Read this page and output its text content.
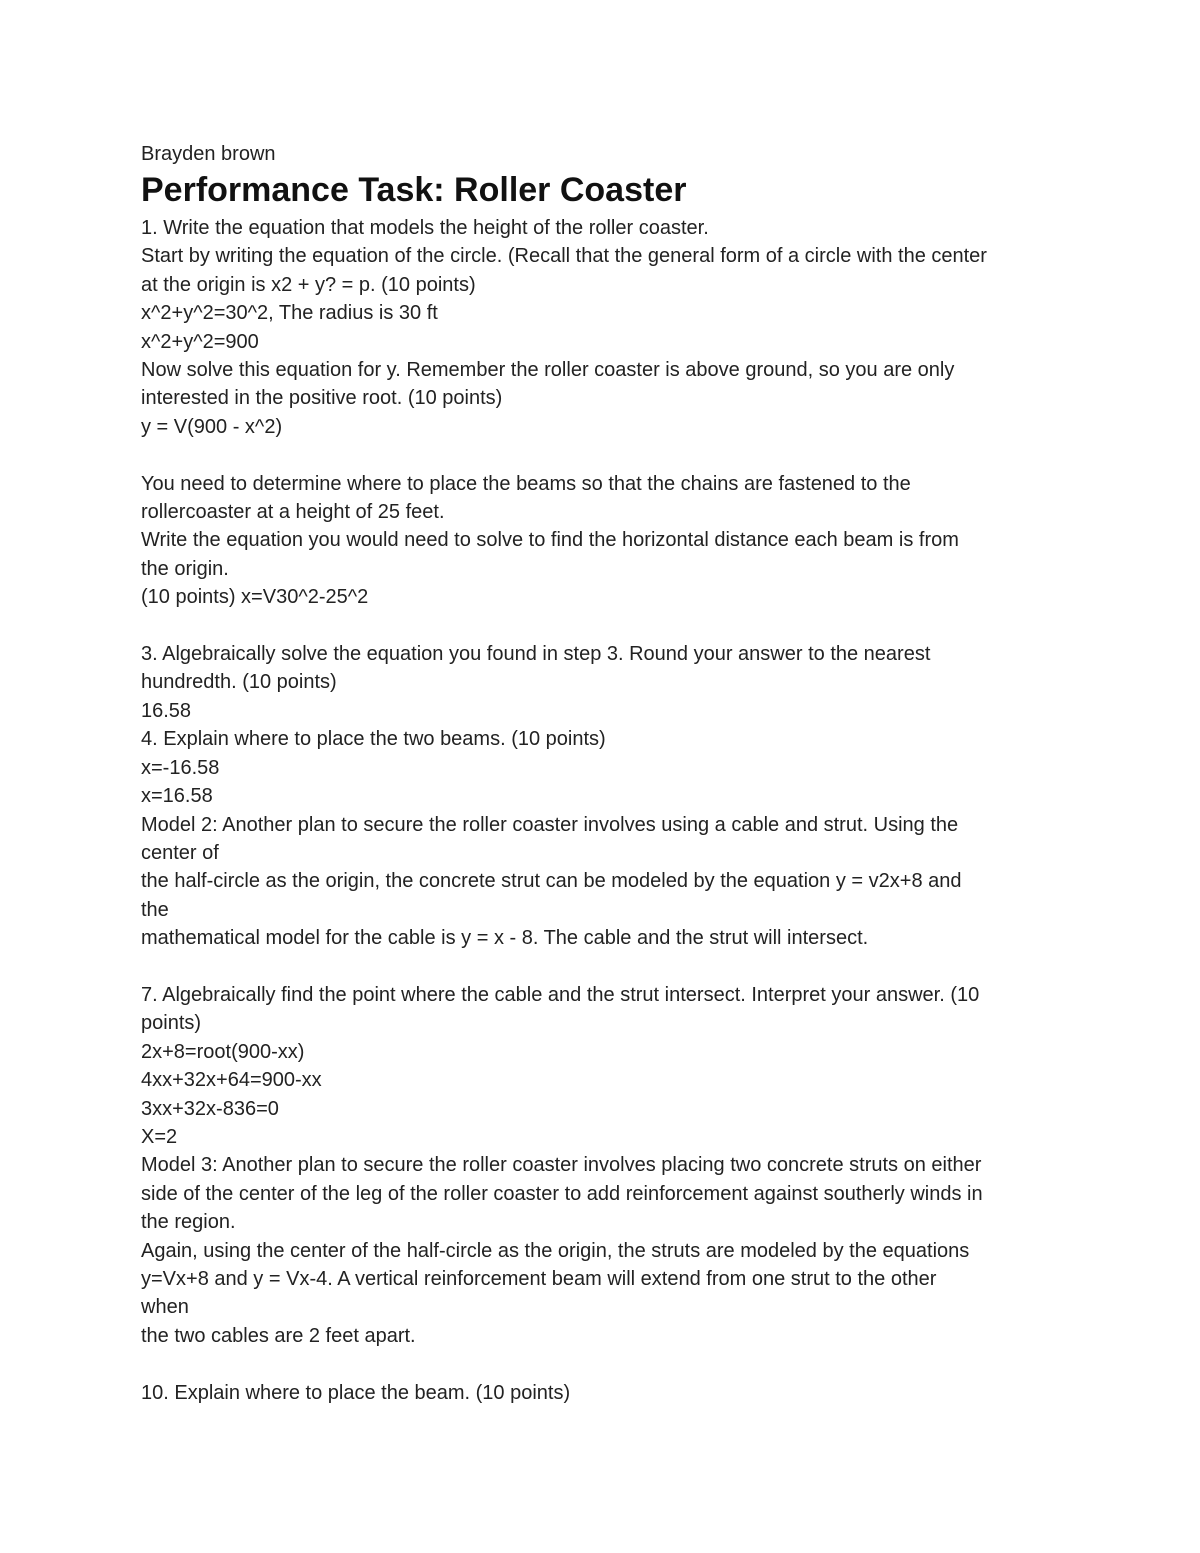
Brayden brown

Performance Task: Roller Coaster

1. Write the equation that models the height of the roller coaster.

Start by writing the equation of the circle. (Recall that the general form of a circle with the center

at the origin is x2 + y? = p. (10 points)

x^2+y^2=30^2, The radius is 30 ft

x^2+y^2=900

Now solve this equation for y. Remember the roller coaster is above ground, so you are only

interested in the positive root. (10 points)

y = V(900 - x^2)

You need to determine where to place the beams so that the chains are fastened to the

rollercoaster at a height of 25 feet.

Write the equation you would need to solve to find the horizontal distance each beam is from

the origin.

(10 points) x=V30^2-25^2

3. Algebraically solve the equation you found in step 3. Round your answer to the nearest

hundredth. (10 points)

16.58

4. Explain where to place the two beams. (10 points)

x=-16.58

x=16.58

Model 2: Another plan to secure the roller coaster involves using a cable and strut. Using the

center of

the half-circle as the origin, the concrete strut can be modeled by the equation y = v2x+8 and

the

mathematical model for the cable is y = x - 8. The cable and the strut will intersect.

7. Algebraically find the point where the cable and the strut intersect. Interpret your answer. (10

points)

2x+8=root(900-xx)

4xx+32x+64=900-xx

3xx+32x-836=0

X=2

Model 3: Another plan to secure the roller coaster involves placing two concrete struts on either

side of the center of the leg of the roller coaster to add reinforcement against southerly winds in

the region.

Again, using the center of the half-circle as the origin, the struts are modeled by the equations

y=Vx+8 and y = Vx-4. A vertical reinforcement beam will extend from one strut to the other

when

the two cables are 2 feet apart.

10. Explain where to place the beam. (10 points)
